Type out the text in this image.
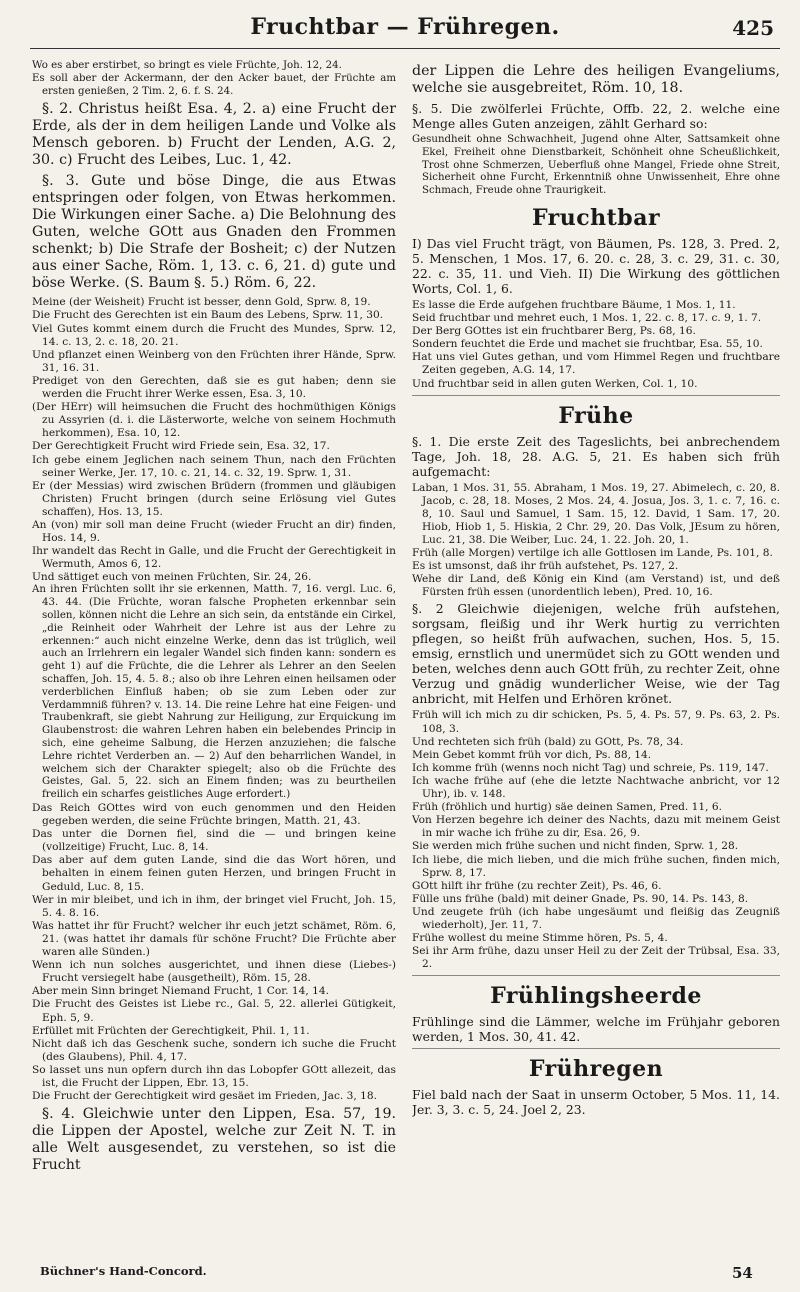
Fruchtbar — Frühregen.	425

Wo es aber erstirbet, so bringt es viele Früchte, Joh. 12, 24.

Es soll aber der Ackermann, der den Acker bauet, der Früchte am ersten genießen, 2 Tim. 2, 6. f. S. 24.

§. 2. Christus heißt Esa. 4, 2. a) eine Frucht der Erde, als der in dem heiligen Lande und Volke als Mensch geboren. b) Frucht der Lenden, A.G. 2, 30. c) Frucht des Leibes, Luc. 1, 42.

§. 3. Gute und böse Dinge, die aus Etwas entspringen oder folgen, von Etwas herkommen. Die Wirkungen einer Sache. a) Die Belohnung des Guten, welche GOtt aus Gnaden den Frommen schenkt; b) Die Strafe der Bosheit; c) der Nutzen aus einer Sache, Röm. 1, 13. c. 6, 21. d) gute und böse Werke. (S. Baum §. 5.) Röm. 6, 22.

Meine (der Weisheit) Frucht ist besser, denn Gold, Sprw. 8, 19.

Die Frucht des Gerechten ist ein Baum des Lebens, Sprw. 11, 30.

Viel Gutes kommt einem durch die Frucht des Mundes, Sprw. 12, 14. c. 13, 2. c. 18, 20. 21.

Und pflanzet einen Weinberg von den Früchten ihrer Hände, Sprw. 31, 16. 31.

Prediget von den Gerechten, daß sie es gut haben; denn sie werden die Frucht ihrer Werke essen, Esa. 3, 10.

(Der HErr) will heimsuchen die Frucht des hochmüthigen Königs zu Assyrien (d. i. die Lästerworte, welche von seinem Hochmuth herkommen), Esa. 10, 12.

Der Gerechtigkeit Frucht wird Friede sein, Esa. 32, 17.

Ich gebe einem Jeglichen nach seinem Thun, nach den Früchten seiner Werke, Jer. 17, 10. c. 21, 14. c. 32, 19. Sprw. 1, 31.

Er (der Messias) wird zwischen Brüdern (frommen und gläubigen Christen) Frucht bringen (durch seine Erlösung viel Gutes schaffen), Hos. 13, 15.

An (von) mir soll man deine Frucht (wieder Frucht an dir) finden, Hos. 14, 9.

Ihr wandelt das Recht in Galle, und die Frucht der Gerechtigkeit in Wermuth, Amos 6, 12.

Und sättiget euch von meinen Früchten, Sir. 24, 26.

An ihren Früchten sollt ihr sie erkennen, Matth. 7, 16. vergl. Luc. 6, 43. 44. (Die Früchte, woran falsche Propheten erkennbar sein sollen, können nicht die Lehre an sich sein, da entstände ein Cirkel, „die Reinheit oder Wahrheit der Lehre ist aus der Lehre zu erkennen:“ auch nicht einzelne Werke, denn das ist trüglich, weil auch an Irrlehrern ein legaler Wandel sich finden kann: sondern es geht 1) auf die Früchte, die die Lehrer als Lehrer an den Seelen schaffen, Joh. 15, 4. 5. 8.; also ob ihre Lehren einen heilsamen oder verderblichen Einfluß haben; ob sie zum Leben oder zur Verdammniß führen? v. 13. 14. Die reine Lehre hat eine Feigen- und Traubenkraft, sie giebt Nahrung zur Heiligung, zur Erquickung im Glaubenstrost: die wahren Lehren haben ein belebendes Princip in sich, eine geheime Salbung, die Herzen anzuziehen; die falsche Lehre richtet Verderben an. — 2) Auf den beharrlichen Wandel, in welchem sich der Charakter spiegelt; also ob die Früchte des Geistes, Gal. 5, 22. sich an Einem finden; was zu beurtheilen freilich ein scharfes geistliches Auge erfordert.)

Das Reich GOttes wird von euch genommen und den Heiden gegeben werden, die seine Früchte bringen, Matth. 21, 43.

Das unter die Dornen fiel, sind die — und bringen keine (vollzeitige) Frucht, Luc. 8, 14.

Das aber auf dem guten Lande, sind die das Wort hören, und behalten in einem feinen guten Herzen, und bringen Frucht in Geduld, Luc. 8, 15.

Wer in mir bleibet, und ich in ihm, der bringet viel Frucht, Joh. 15, 5. 4. 8. 16.

Was hattet ihr für Frucht? welcher ihr euch jetzt schämet, Röm. 6, 21. (was hattet ihr damals für schöne Frucht? Die Früchte aber waren alle Sünden.)

Wenn ich nun solches ausgerichtet, und ihnen diese (Liebes-) Frucht versiegelt habe (ausgetheilt), Röm. 15, 28.

Aber mein Sinn bringet Niemand Frucht, 1 Cor. 14, 14.

Die Frucht des Geistes ist Liebe rc., Gal. 5, 22. allerlei Gütigkeit, Eph. 5, 9.

Erfüllet mit Früchten der Gerechtigkeit, Phil. 1, 11.

Nicht daß ich das Geschenk suche, sondern ich suche die Frucht (des Glaubens), Phil. 4, 17.

So lasset uns nun opfern durch ihn das Lobopfer GOtt allezeit, das ist, die Frucht der Lippen, Ebr. 13, 15.

Die Frucht der Gerechtigkeit wird gesäet im Frieden, Jac. 3, 18.

§. 4. Gleichwie unter den Lippen, Esa. 57, 19. die Lippen der Apostel, welche zur Zeit N. T. in alle Welt ausgesendet, zu verstehen, so ist die Frucht

der Lippen die Lehre des heiligen Evangeliums, welche sie ausgebreitet, Röm. 10, 18.

§. 5. Die zwölferlei Früchte, Offb. 22, 2. welche eine Menge alles Guten anzeigen, zählt Gerhard so:

Gesundheit ohne Schwachheit, Jugend ohne Alter, Sattsamkeit ohne Ekel, Freiheit ohne Dienstbarkeit, Schönheit ohne Scheußlichkeit, Trost ohne Schmerzen, Ueberfluß ohne Mangel, Friede ohne Streit, Sicherheit ohne Furcht, Erkenntniß ohne Unwissenheit, Ehre ohne Schmach, Freude ohne Traurigkeit.

Fruchtbar

I) Das viel Frucht trägt, von Bäumen, Ps. 128, 3. Pred. 2, 5. Menschen, 1 Mos. 17, 6. 20. c. 28, 3. c. 29, 31. c. 30, 22. c. 35, 11. und Vieh. II) Die Wirkung des göttlichen Worts, Col. 1, 6.

Es lasse die Erde aufgehen fruchtbare Bäume, 1 Mos. 1, 11.

Seid fruchtbar und mehret euch, 1 Mos. 1, 22. c. 8, 17. c. 9, 1. 7.

Der Berg GOttes ist ein fruchtbarer Berg, Ps. 68, 16.

Sondern feuchtet die Erde und machet sie fruchtbar, Esa. 55, 10.

Hat uns viel Gutes gethan, und vom Himmel Regen und fruchtbare Zeiten gegeben, A.G. 14, 17.

Und fruchtbar seid in allen guten Werken, Col. 1, 10.

Frühe

§. 1. Die erste Zeit des Tageslichts, bei anbrechendem Tage, Joh. 18, 28. A.G. 5, 21. Es haben sich früh aufgemacht:

Laban, 1 Mos. 31, 55. Abraham, 1 Mos. 19, 27. Abimelech, c. 20, 8. Jacob, c. 28, 18. Moses, 2 Mos. 24, 4. Josua, Jos. 3, 1. c. 7, 16. c. 8, 10. Saul und Samuel, 1 Sam. 15, 12. David, 1 Sam. 17, 20. Hiob, Hiob 1, 5. Hiskia, 2 Chr. 29, 20. Das Volk, JEsum zu hören, Luc. 21, 38. Die Weiber, Luc. 24, 1. 22. Joh. 20, 1.

Früh (alle Morgen) vertilge ich alle Gottlosen im Lande, Ps. 101, 8.

Es ist umsonst, daß ihr früh aufstehet, Ps. 127, 2.

Wehe dir Land, deß König ein Kind (am Verstand) ist, und deß Fürsten früh essen (unordentlich leben), Pred. 10, 16.

§. 2 Gleichwie diejenigen, welche früh aufstehen, sorgsam, fleißig und ihr Werk hurtig zu verrichten pflegen, so heißt früh aufwachen, suchen, Hos. 5, 15. emsig, ernstlich und unermüdet sich zu GOtt wenden und beten, welches denn auch GOtt früh, zu rechter Zeit, ohne Verzug und gnädig wunderlicher Weise, wie der Tag anbricht, mit Helfen und Erhören krönet.

Früh will ich mich zu dir schicken, Ps. 5, 4. Ps. 57, 9. Ps. 63, 2. Ps. 108, 3.

Und rechteten sich früh (bald) zu GOtt, Ps. 78, 34.

Mein Gebet kommt früh vor dich, Ps. 88, 14.

Ich komme früh (wenns noch nicht Tag) und schreie, Ps. 119, 147.

Ich wache frühe auf (ehe die letzte Nachtwache anbricht, vor 12 Uhr), ib. v. 148.

Früh (fröhlich und hurtig) säe deinen Samen, Pred. 11, 6.

Von Herzen begehre ich deiner des Nachts, dazu mit meinem Geist in mir wache ich frühe zu dir, Esa. 26, 9.

Sie werden mich frühe suchen und nicht finden, Sprw. 1, 28.

Ich liebe, die mich lieben, und die mich frühe suchen, finden mich, Sprw. 8, 17.

GOtt hilft ihr frühe (zu rechter Zeit), Ps. 46, 6.

Fülle uns frühe (bald) mit deiner Gnade, Ps. 90, 14. Ps. 143, 8.

Und zeugete früh (ich habe ungesäumt und fleißig das Zeugniß wiederholt), Jer. 11, 7.

Frühe wollest du meine Stimme hören, Ps. 5, 4.

Sei ihr Arm frühe, dazu unser Heil zu der Zeit der Trübsal, Esa. 33, 2.

Frühlingsheerde

Frühlinge sind die Lämmer, welche im Frühjahr geboren werden, 1 Mos. 30, 41. 42.

Frühregen

Fiel bald nach der Saat in unserm October, 5 Mos. 11, 14. Jer. 3, 3. c. 5, 24. Joel 2, 23.

Büchner's Hand-Concord.	54
